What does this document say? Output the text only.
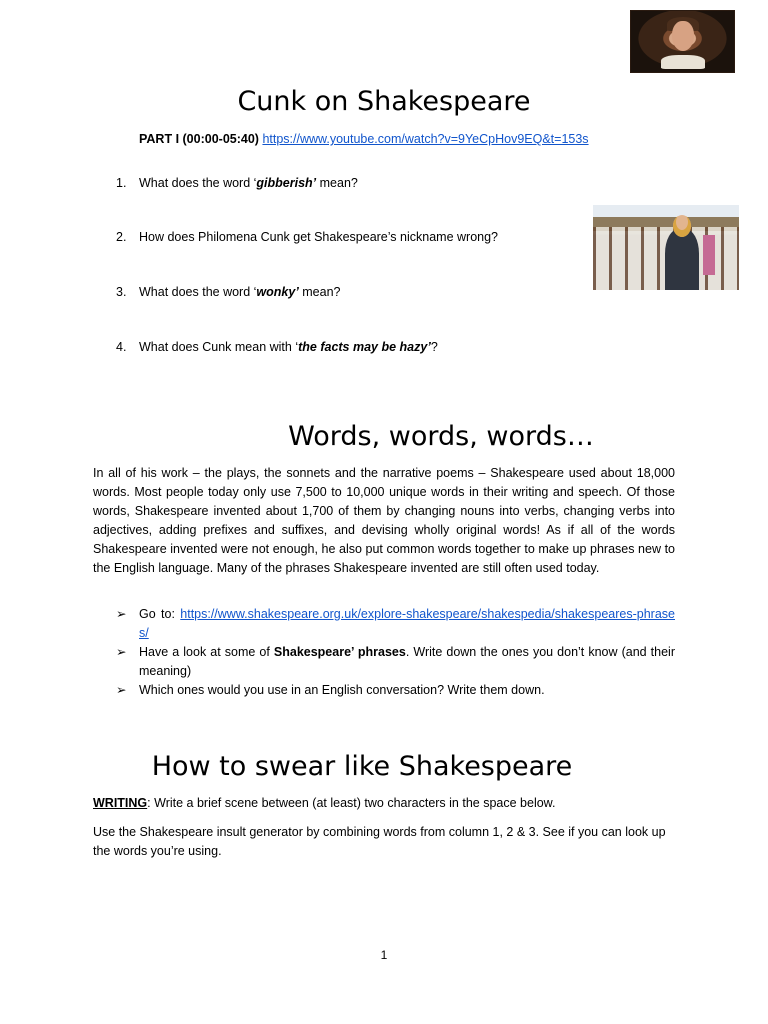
Cunk on Shakespeare
PART I (00:00-05:40) https://www.youtube.com/watch?v=9YeCpHov9EQ&t=153s
1. What does the word ‘gibberish’ mean?
2. How does Philomena Cunk get Shakespeare’s nickname wrong?
3. What does the word ‘wonky’ mean?
4. What does Cunk mean with ‘the facts may be hazy’?
Words, words, words…

In all of his work – the plays, the sonnets and the narrative poems – Shakespeare used about 18,000 words. Most people today only use 7,500 to 10,000 unique words in their writing and speech. Of those words, Shakespeare invented about 1,700 of them by changing nouns into verbs, changing verbs into adjectives, adding prefixes and suffixes, and devising wholly original words! As if all of the words Shakespeare invented were not enough, he also put common words together to make up phrases new to the English language. Many of the phrases Shakespeare invented are still often used today.

➢	Go to: https://www.shakespeare.org.uk/explore-shakespeare/shakespedia/shakespeares-phrases/
➢	Have a look at some of Shakespeare’ phrases. Write down the ones you don’t know (and their meaning)
➢	Which ones would you use in an English conversation? Write them down.
How to swear like Shakespeare
WRITING: Write a brief scene between (at least) two characters in the space below.
Use the Shakespeare insult generator by combining words from column 1, 2 & 3. See if you can look up the words you’re using.
1
